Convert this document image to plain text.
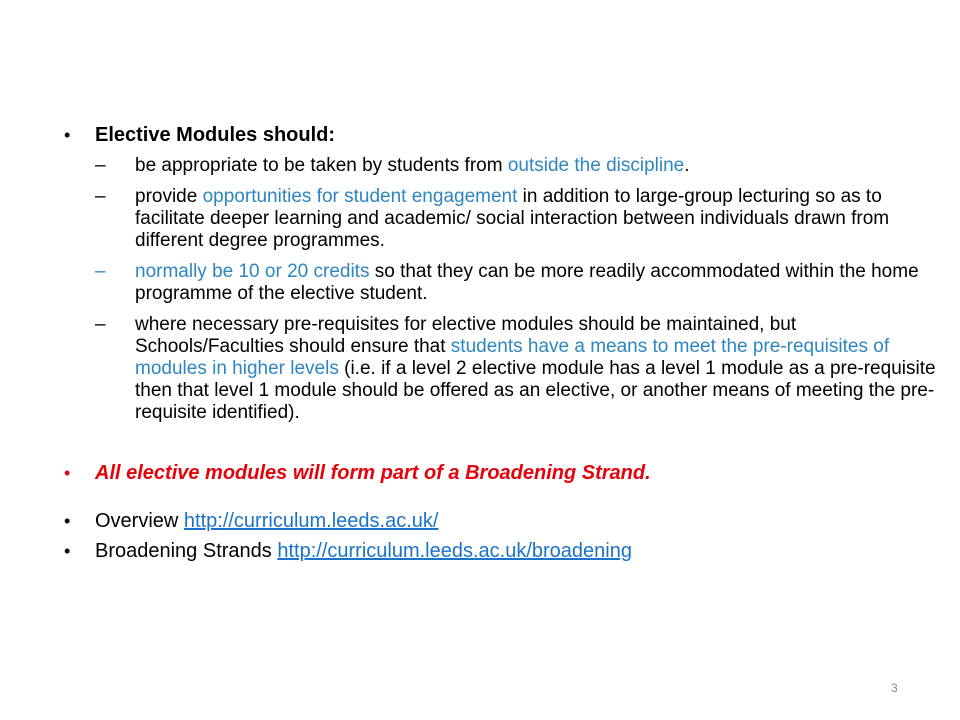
•	Elective Modules should:
–	be appropriate to be taken by students from outside the discipline.
–	provide opportunities for student engagement in addition to large-group lecturing so as to facilitate deeper learning and academic/ social interaction between individuals drawn from different degree programmes.
–	normally be 10 or 20 credits so that they can be more readily accommodated within the home programme of the elective student.
–	where necessary pre-requisites for elective modules should be maintained, but Schools/Faculties should ensure that students have a means to meet the pre-requisites of modules in higher levels (i.e. if a level 2 elective module has a level 1 module as a pre-requisite then that level 1 module should be offered as an elective, or another means of meeting the pre-requisite identified).
•	All elective modules will form part of a Broadening Strand.
•	Overview http://curriculum.leeds.ac.uk/
•	Broadening Strands http://curriculum.leeds.ac.uk/broadening
3
